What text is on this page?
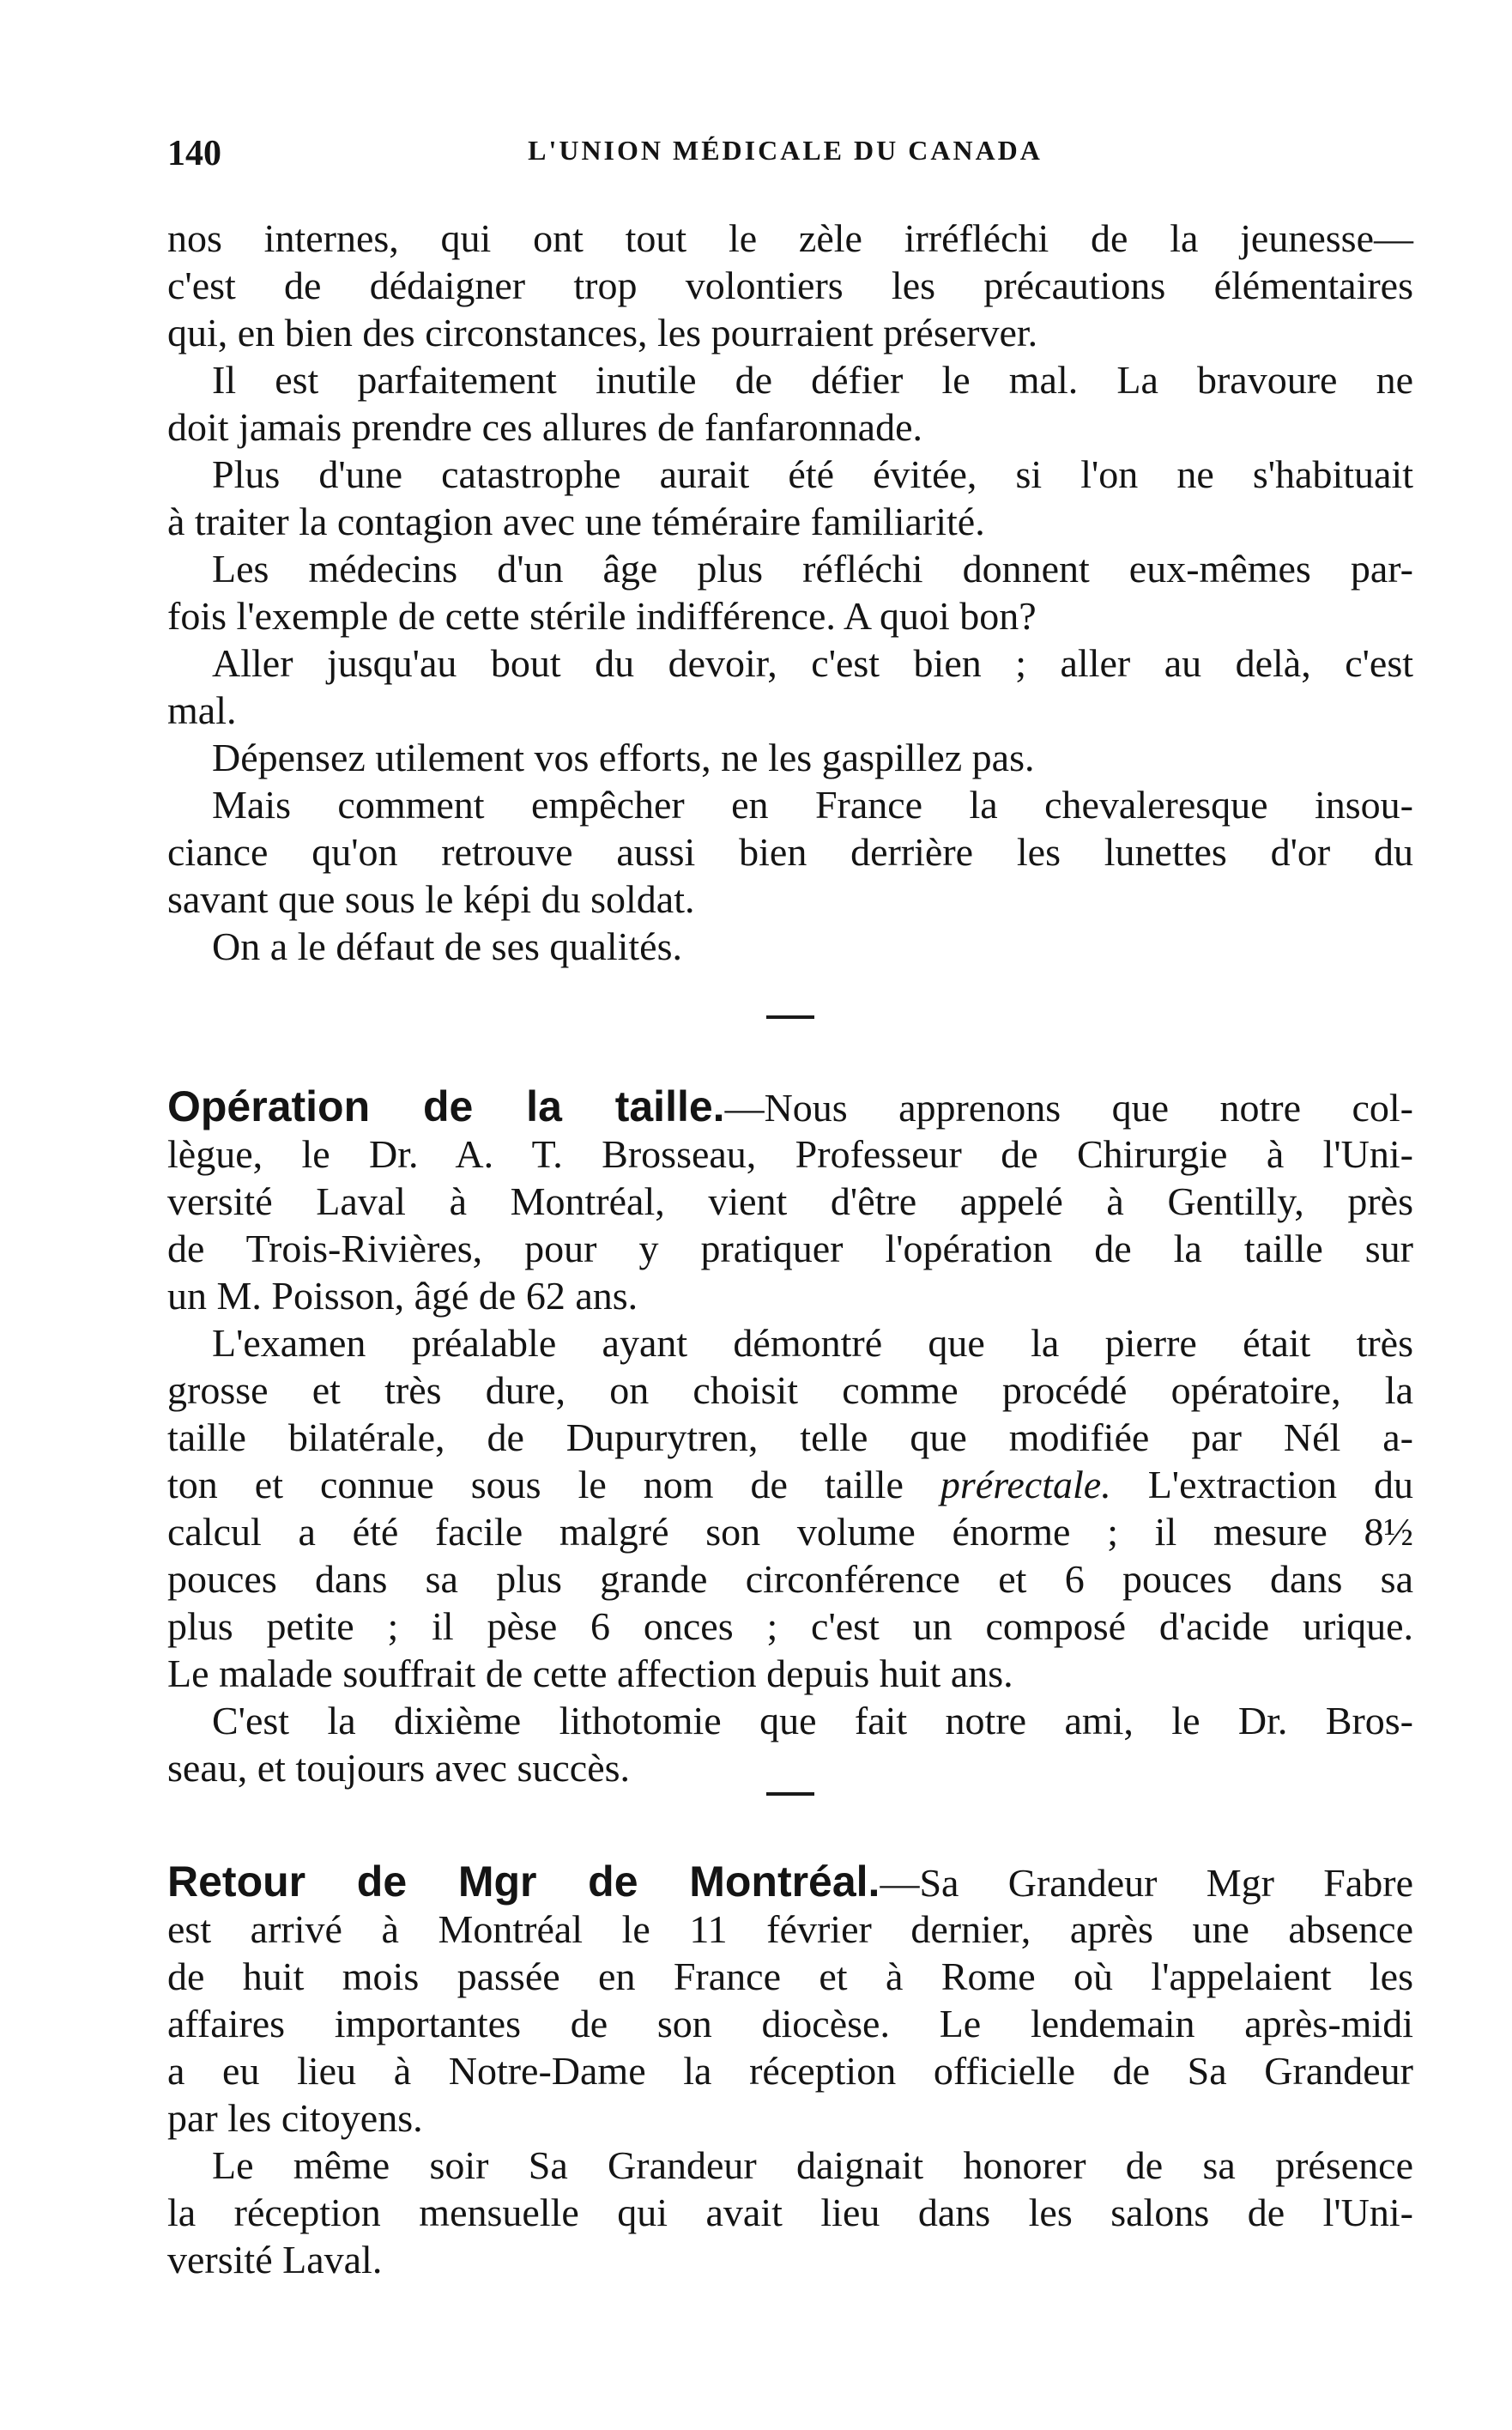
140	L'UNION MÉDICALE DU CANADA
nos internes, qui ont tout le zèle irréfléchi de la jeunesse—
c'est de dédaigner trop volontiers les précautions élémentaires
qui, en bien des circonstances, les pourraient préserver.
Il est parfaitement inutile de défier le mal. La bravoure ne
doit jamais prendre ces allures de fanfaronnade.
Plus d'une catastrophe aurait été évitée, si l'on ne s'habituait
à traiter la contagion avec une téméraire familiarité.
Les médecins d'un âge plus réfléchi donnent eux-mêmes par-
fois l'exemple de cette stérile indifférence. A quoi bon?
Aller jusqu'au bout du devoir, c'est bien ; aller au delà, c'est
mal.
Dépensez utilement vos efforts, ne les gaspillez pas.
Mais comment empêcher en France la chevaleresque insou-
ciance qu'on retrouve aussi bien derrière les lunettes d'or du
savant que sous le képi du soldat.
On a le défaut de ses qualités.
Opération de la taille.—Nous apprenons que notre col-
lègue, le Dr. A. T. Brosseau, Professeur de Chirurgie à l'Uni-
versité Laval à Montréal, vient d'être appelé à Gentilly, près
de Trois-Rivières, pour y pratiquer l'opération de la taille sur
un M. Poisson, âgé de 62 ans.
L'examen préalable ayant démontré que la pierre était très
grosse et très dure, on choisit comme procédé opératoire, la
taille bilatérale, de Dupurytren, telle que modifiée par Nél a-
ton et connue sous le nom de taille prérectale. L'extraction du
calcul a été facile malgré son volume énorme ; il mesure 8½
pouces dans sa plus grande circonférence et 6 pouces dans sa
plus petite ; il pèse 6 onces ; c'est un composé d'acide urique.
Le malade souffrait de cette affection depuis huit ans.
C'est la dixième lithotomie que fait notre ami, le Dr. Bros-
seau, et toujours avec succès.
Retour de Mgr de Montréal.—Sa Grandeur Mgr Fabre
est arrivé à Montréal le 11 février dernier, après une absence
de huit mois passée en France et à Rome où l'appelaient les
affaires importantes de son diocèse. Le lendemain après-midi
a eu lieu à Notre-Dame la réception officielle de Sa Grandeur
par les citoyens.
Le même soir Sa Grandeur daignait honorer de sa présence
la réception mensuelle qui avait lieu dans les salons de l'Uni-
versité Laval.
